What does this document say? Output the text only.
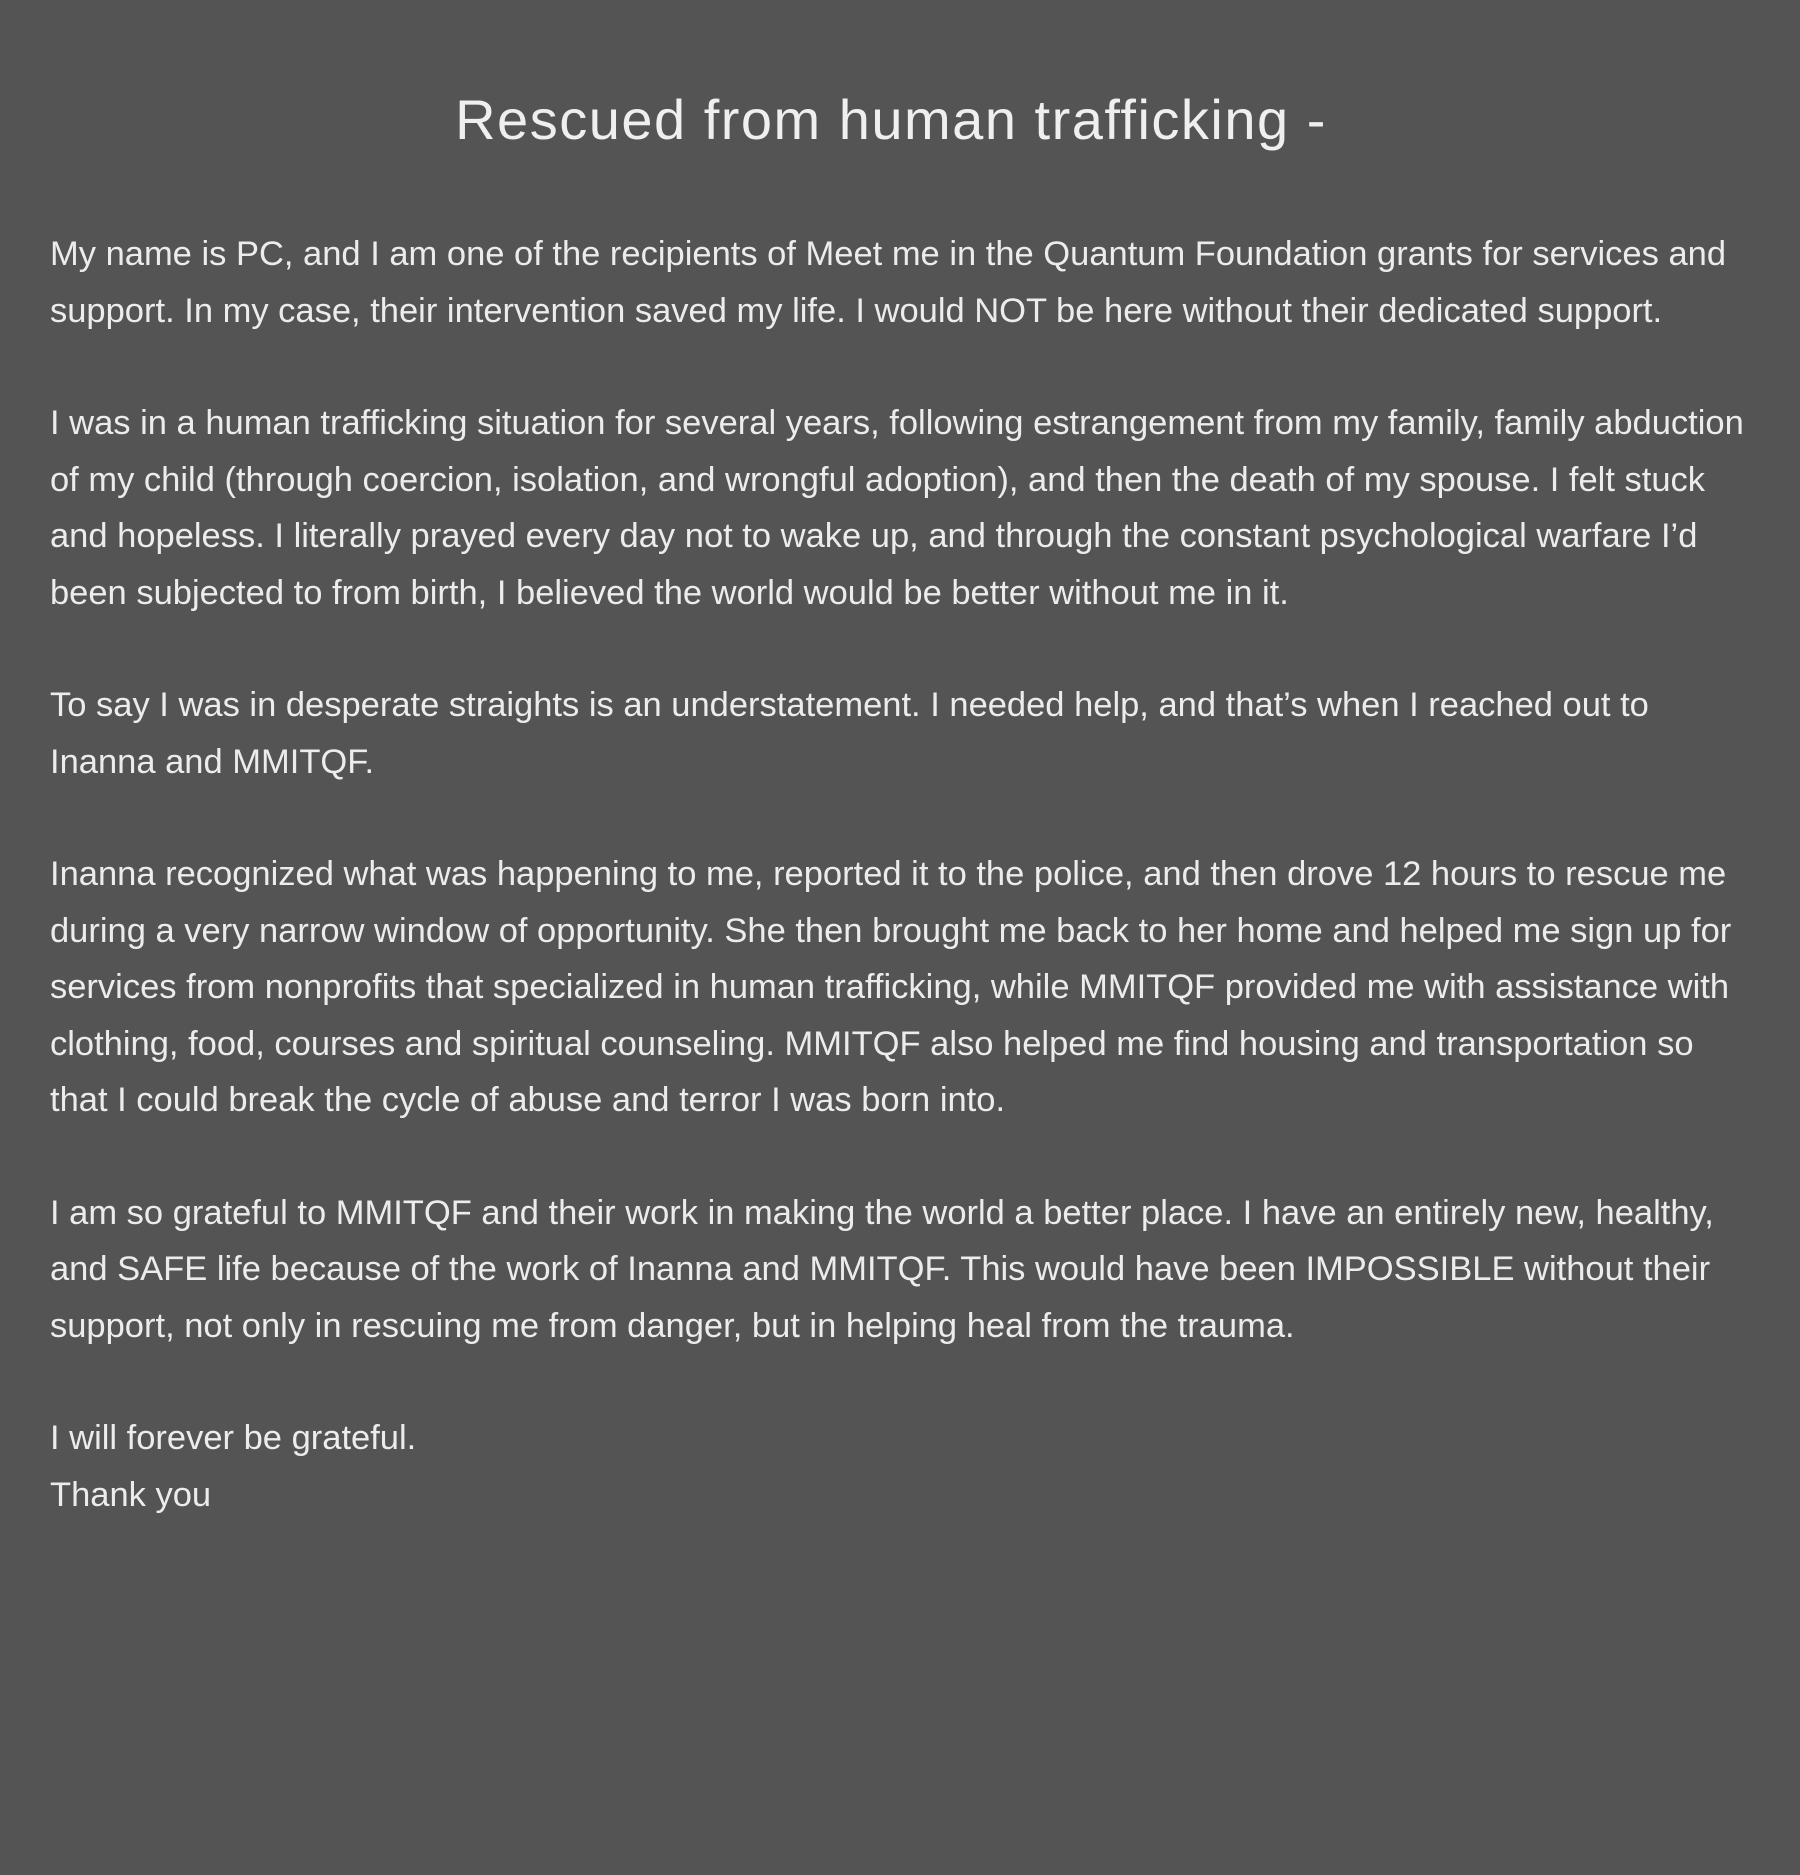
Rescued from human trafficking -

My name is PC, and I am one of the recipients of Meet me in the Quantum Foundation grants for services and support. In my case, their intervention saved my life. I would NOT be here without their dedicated support.

I was in a human trafficking situation for several years, following estrangement from my family, family abduction of my child (through coercion, isolation, and wrongful adoption), and then the death of my spouse. I felt stuck and hopeless. I literally prayed every day not to wake up, and through the constant psychological warfare I’d been subjected to from birth, I believed the world would be better without me in it.

To say I was in desperate straights is an understatement. I needed help, and that’s when I reached out to Inanna and MMITQF.

Inanna recognized what was happening to me, reported it to the police, and then drove 12 hours to rescue me during a very narrow window of opportunity. She then brought me back to her home and helped me sign up for services from nonprofits that specialized in human trafficking, while MMITQF provided me with assistance with clothing, food, courses and spiritual counseling. MMITQF also helped me find housing and transportation so that I could break the cycle of abuse and terror I was born into.

I am so grateful to MMITQF and their work in making the world a better place. I have an entirely new, healthy, and SAFE life because of the work of Inanna and MMITQF. This would have been IMPOSSIBLE without their support, not only in rescuing me from danger, but in helping heal from the trauma.

I will forever be grateful.
Thank you
